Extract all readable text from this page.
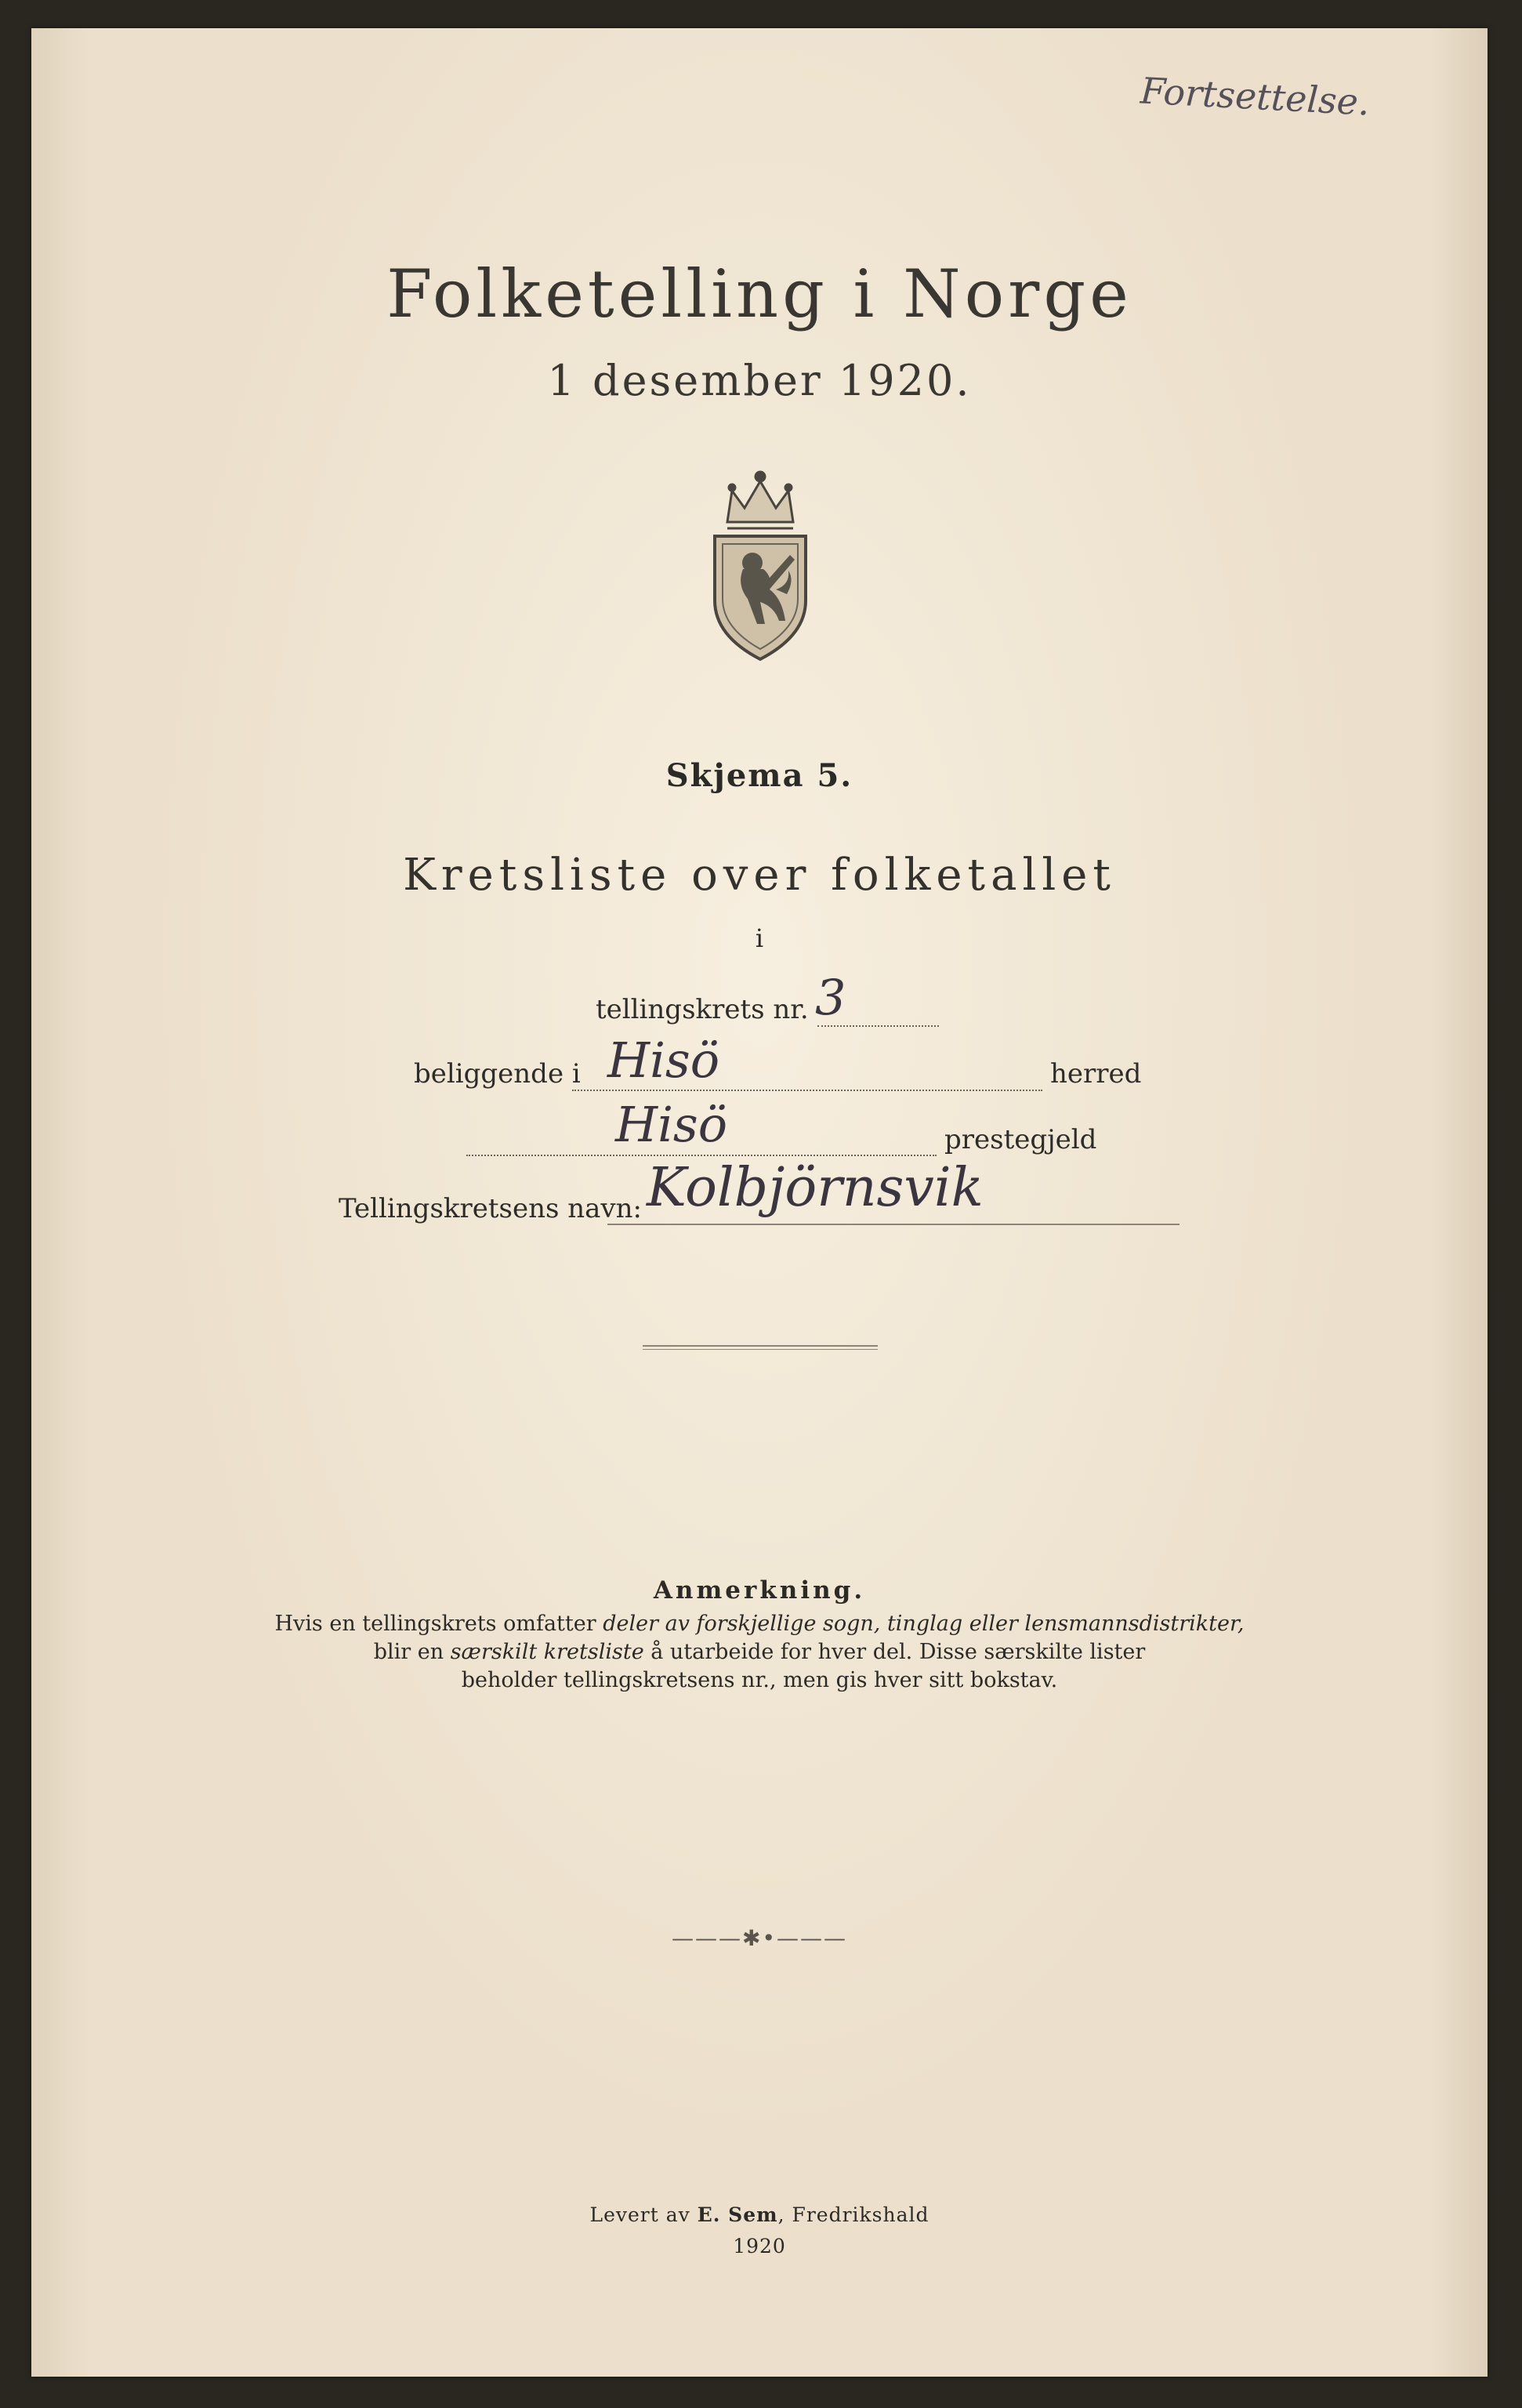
Fortsettelse.
Folketelling i Norge
1 desember 1920.
Skjema 5.
Kretsliste over folketallet
i
tellingskrets nr. 3
beliggende i Hisö	herred
Hisö	prestegjeld
Tellingskretsens navn: Kolbjörnsvik
Anmerkning.
Hvis en tellingskrets omfatter deler av forskjellige sogn, tinglag eller lensmannsdistrikter,
blir en særskilt kretsliste å utarbeide for hver del. Disse særskilte lister
beholder tellingskretsens nr., men gis hver sitt bokstav.
———✱•———
Levert av E. Sem, Fredrikshald
1920
